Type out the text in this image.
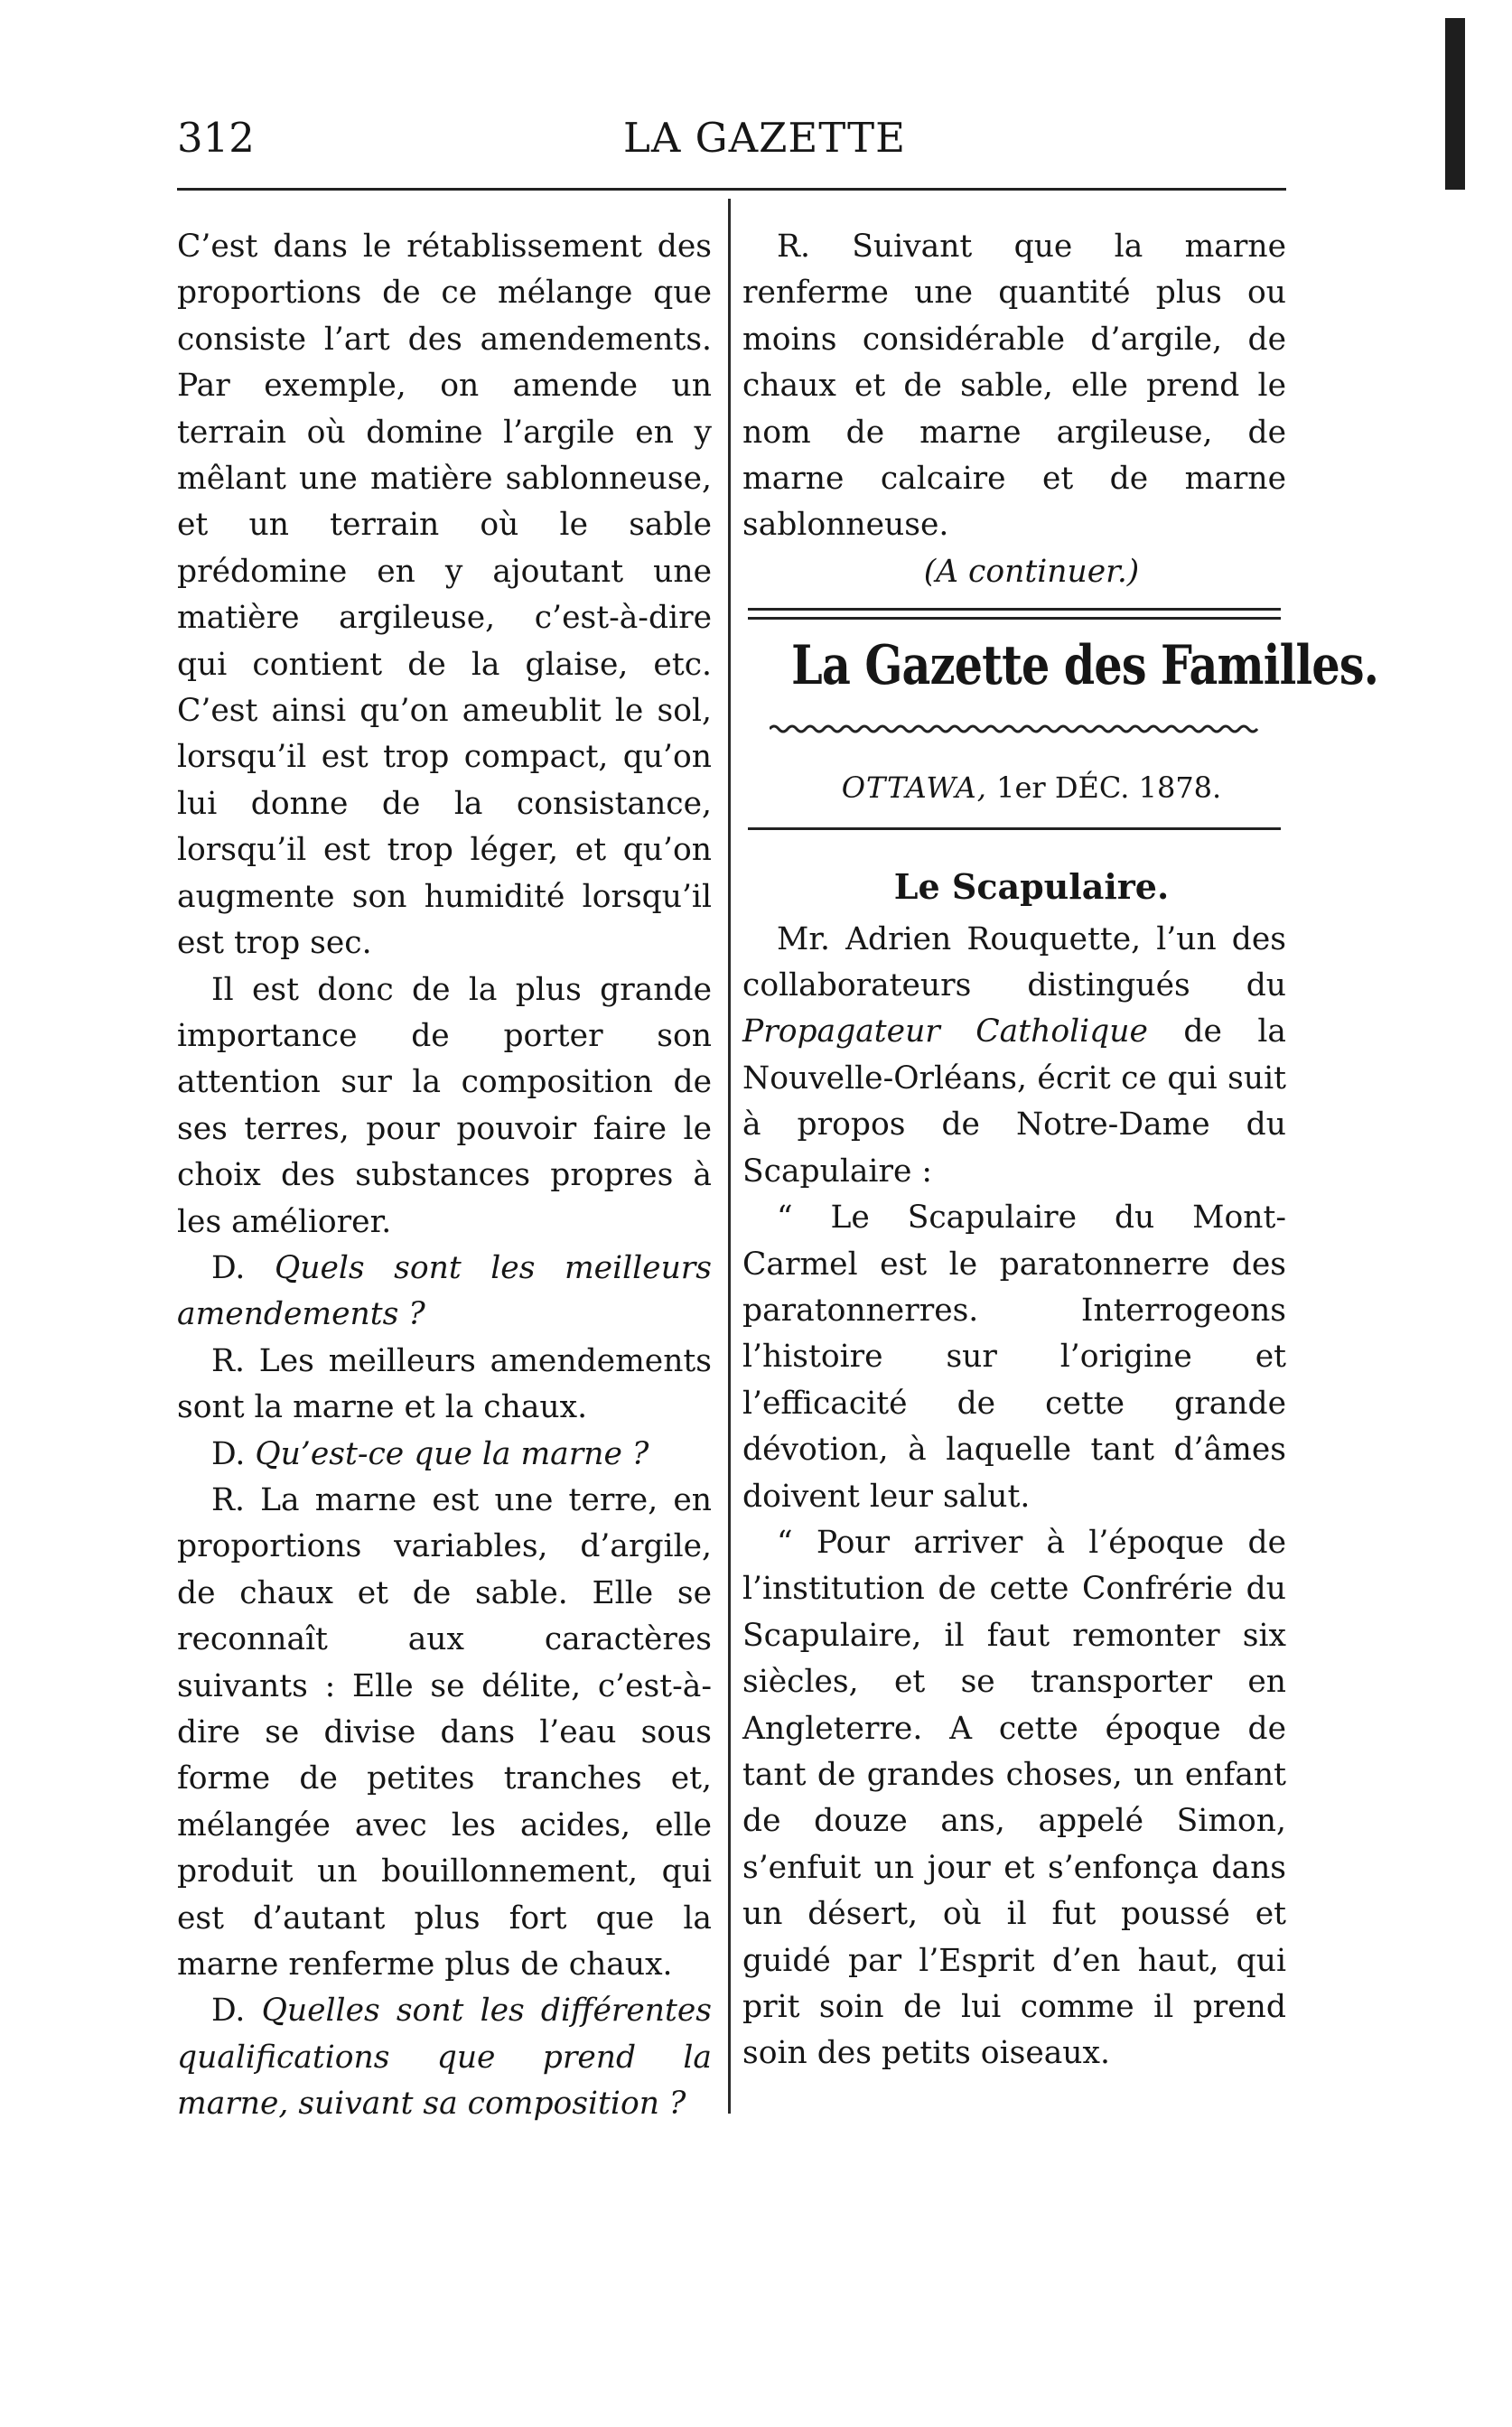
312	LA GAZETTE

C’est dans le rétablissement des proportions de ce mélange que consiste l’art des amendements. Par exemple, on amende un terrain où domine l’argile en y mêlant une matière sablonneuse, et un terrain où le sable prédomine en y ajoutant une matière argileuse, c’est-à-dire qui contient de la glaise, etc. C’est ainsi qu’on ameublit le sol, lorsqu’il est trop compact, qu’on lui donne de la consistance, lorsqu’il est trop léger, et qu’on augmente son humidité lorsqu’il est trop sec.

Il est donc de la plus grande importance de porter son attention sur la composition de ses terres, pour pouvoir faire le choix des substances propres à les améliorer.

D. Quels sont les meilleurs amendements ?

R. Les meilleurs amendements sont la marne et la chaux.

D. Qu’est-ce que la marne ?

R. La marne est une terre, en proportions variables, d’argile, de chaux et de sable. Elle se reconnaît aux caractères suivants : Elle se délite, c’est-à-dire se divise dans l’eau sous forme de petites tranches et, mélangée avec les acides, elle produit un bouillonnement, qui est d’autant plus fort que la marne renferme plus de chaux.

D. Quelles sont les différentes qualifications que prend la marne, suivant sa composition ?

R. Suivant que la marne renferme une quantité plus ou moins considérable d’argile, de chaux et de sable, elle prend le nom de marne argileuse, de marne calcaire et de marne sablonneuse.

(A continuer.)

La Gazette des Familles.

OTTAWA, 1er DÉC. 1878.

Le Scapulaire.

Mr. Adrien Rouquette, l’un des collaborateurs distingués du Propagateur Catholique de la Nouvelle-Orléans, écrit ce qui suit à propos de Notre-Dame du Scapulaire :

“ Le Scapulaire du Mont-Carmel est le paratonnerre des paratonnerres. Interrogeons l’histoire sur l’origine et l’efficacité de cette grande dévotion, à laquelle tant d’âmes doivent leur salut.

“ Pour arriver à l’époque de l’institution de cette Confrérie du Scapulaire, il faut remonter six siècles, et se transporter en Angleterre. A cette époque de tant de grandes choses, un enfant de douze ans, appelé Simon, s’enfuit un jour et s’enfonça dans un désert, où il fut poussé et guidé par l’Esprit d’en haut, qui prit soin de lui comme il prend soin des petits oiseaux.
